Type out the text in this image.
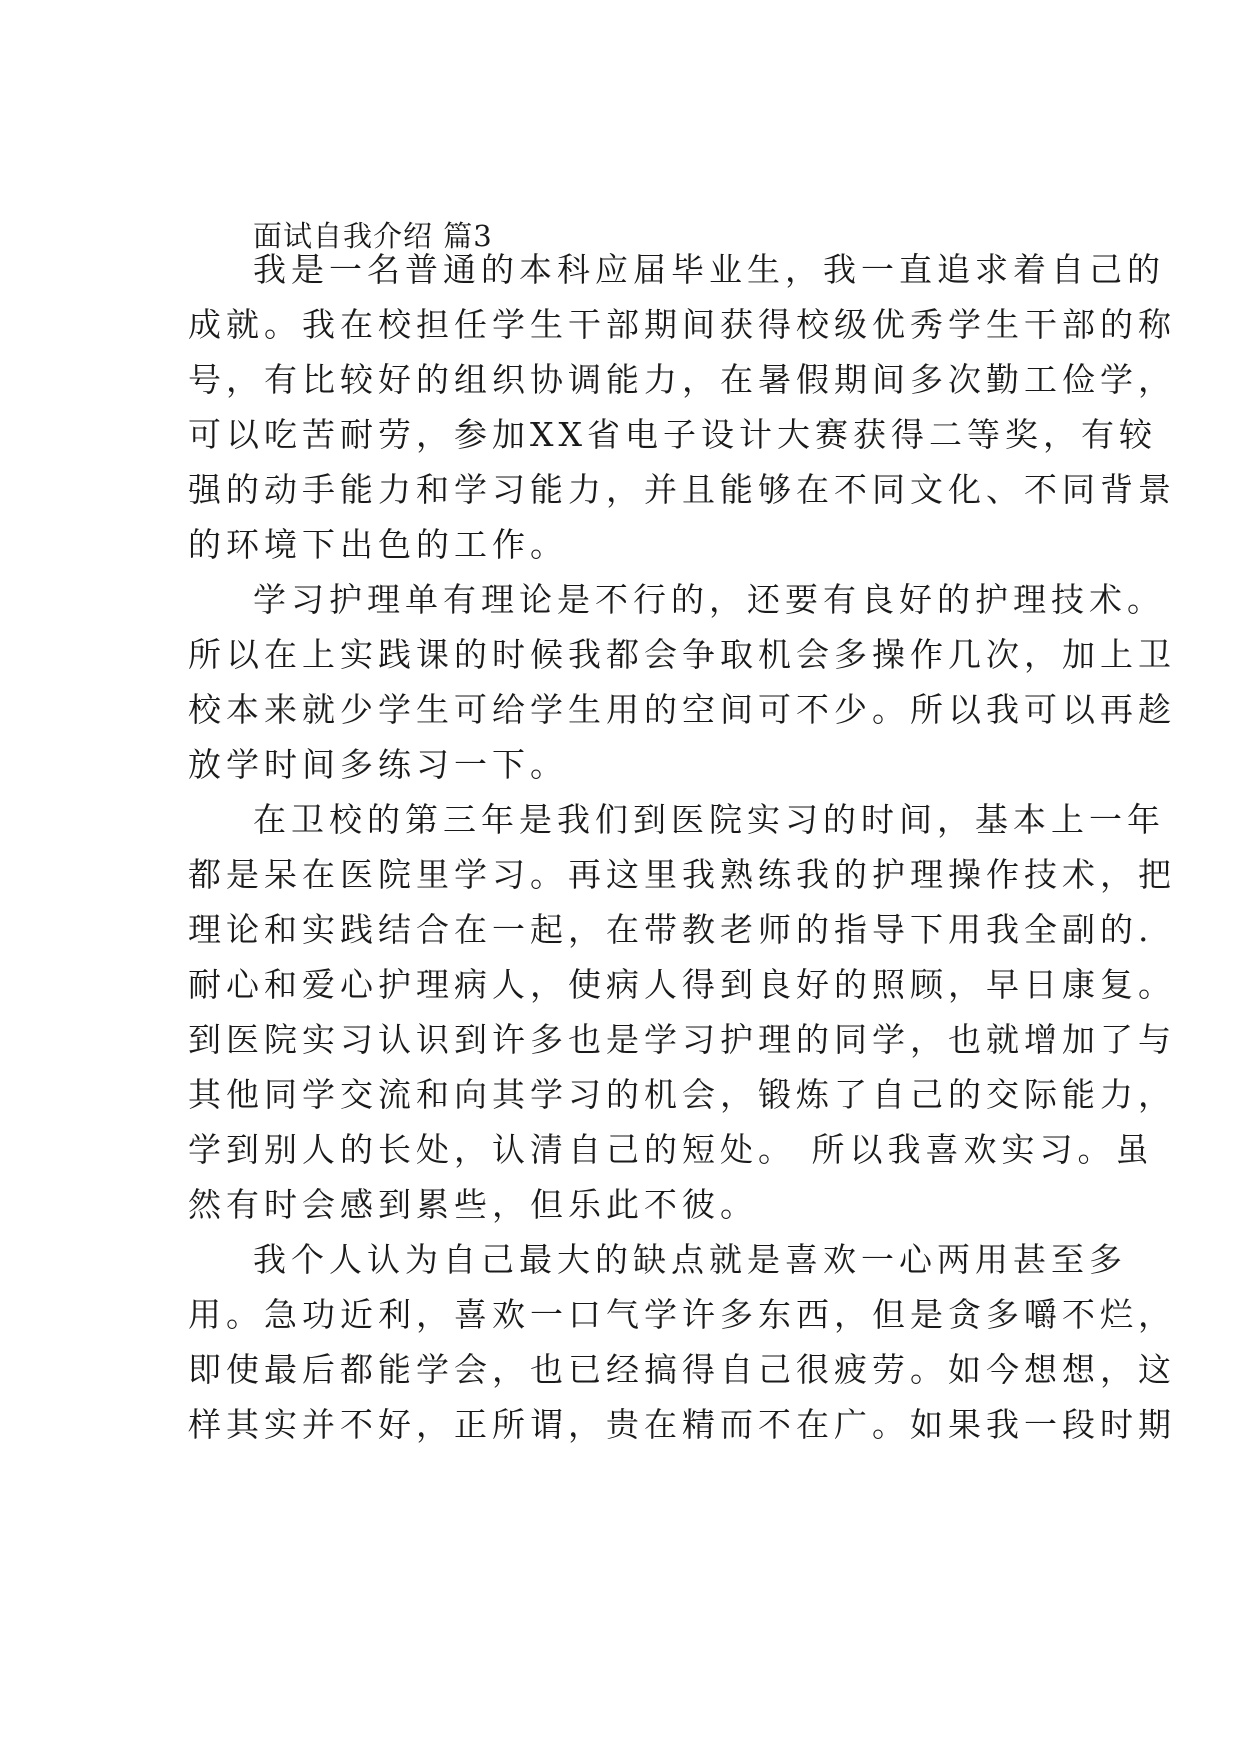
面试自我介绍 篇3
我是一名普通的本科应届毕业生，我一直追求着自己的
成就。我在校担任学生干部期间获得校级优秀学生干部的称
号，有比较好的组织协调能力，在暑假期间多次勤工俭学，
可以吃苦耐劳，参加XX省电子设计大赛获得二等奖，有较
强的动手能力和学习能力，并且能够在不同文化、不同背景
的环境下出色的工作。
学习护理单有理论是不行的，还要有良好的护理技术。
所以在上实践课的时候我都会争取机会多操作几次，加上卫
校本来就少学生可给学生用的空间可不少。所以我可以再趁
放学时间多练习一下。
在卫校的第三年是我们到医院实习的时间，基本上一年
都是呆在医院里学习。再这里我熟练我的护理操作技术，把
理论和实践结合在一起，在带教老师的指导下用我全副的.
耐心和爱心护理病人，使病人得到良好的照顾，早日康复。
到医院实习认识到许多也是学习护理的同学，也就增加了与
其他同学交流和向其学习的机会，锻炼了自己的交际能力，
学到别人的长处，认清自己的短处。 所以我喜欢实习。虽
然有时会感到累些，但乐此不彼。
我个人认为自己最大的缺点就是喜欢一心两用甚至多
用。急功近利，喜欢一口气学许多东西，但是贪多嚼不烂，
即使最后都能学会，也已经搞得自己很疲劳。如今想想，这
样其实并不好，正所谓，贵在精而不在广。如果我一段时期
